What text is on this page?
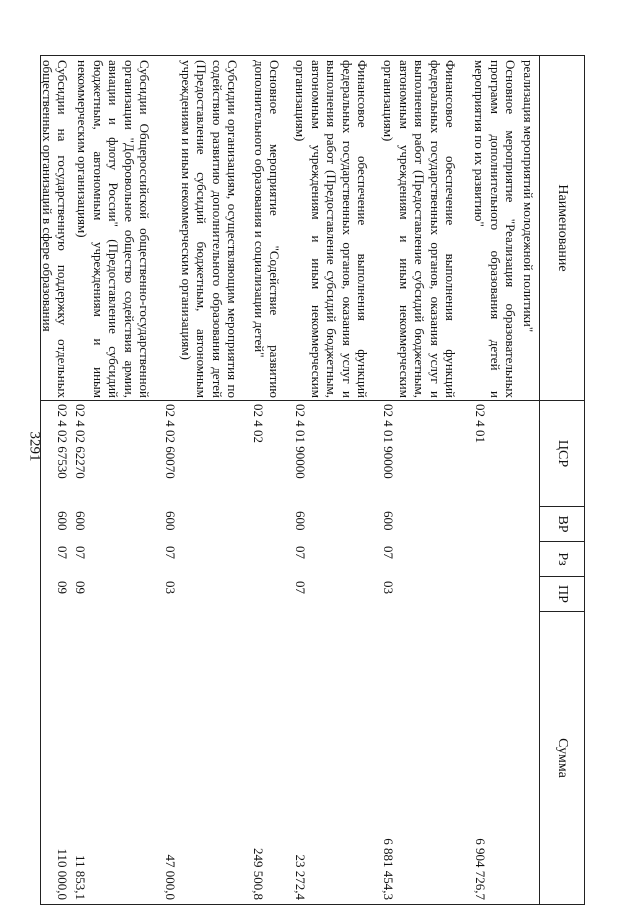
3291
Наименование
ЦСР
ВР
Рз
ПР
Сумма
реализация мероприятий молодежной политики"
Основное мероприятие "Реализация образовательных программ дополнительного образования детей и мероприятия по их развитию"
02 4 01
6 904 726,7
Финансовое обеспечение выполнения функций федеральных государственных органов, оказания услуг и выполнения работ (Предоставление субсидий бюджетным, автономным учреждениям и иным некоммерческим организациям)
02 4 01 90000
600
07
03
6 881 454,3
Финансовое обеспечение выполнения функций федеральных государственных органов, оказания услуг и выполнения работ (Предоставление субсидий бюджетным, автономным учреждениям и иным некоммерческим организациям)
02 4 01 90000
600
07
07
23 272,4
Основное мероприятие "Содействие развитию дополнительного образования и социализации детей"
02 4 02
249 500,8
Субсидии организациям, осуществляющим мероприятия по содействию развитию дополнительного образования детей (Предоставление субсидий бюджетным, автономным учреждениям и иным некоммерческим организациям)
02 4 02 60070
600
07
03
47 000,0
Субсидии Общероссийской общественно-государственной организации "Добровольное общество содействия армии, авиации и флоту России" (Предоставление субсидий бюджетным, автономным учреждениям и иным некоммерческим организациям)
02 4 02 62270
600
07
09
11 853,1
Субсидии на государственную поддержку отдельных общественных организаций в сфере образования
02 4 02 67530
600
07
09
110 000,0
